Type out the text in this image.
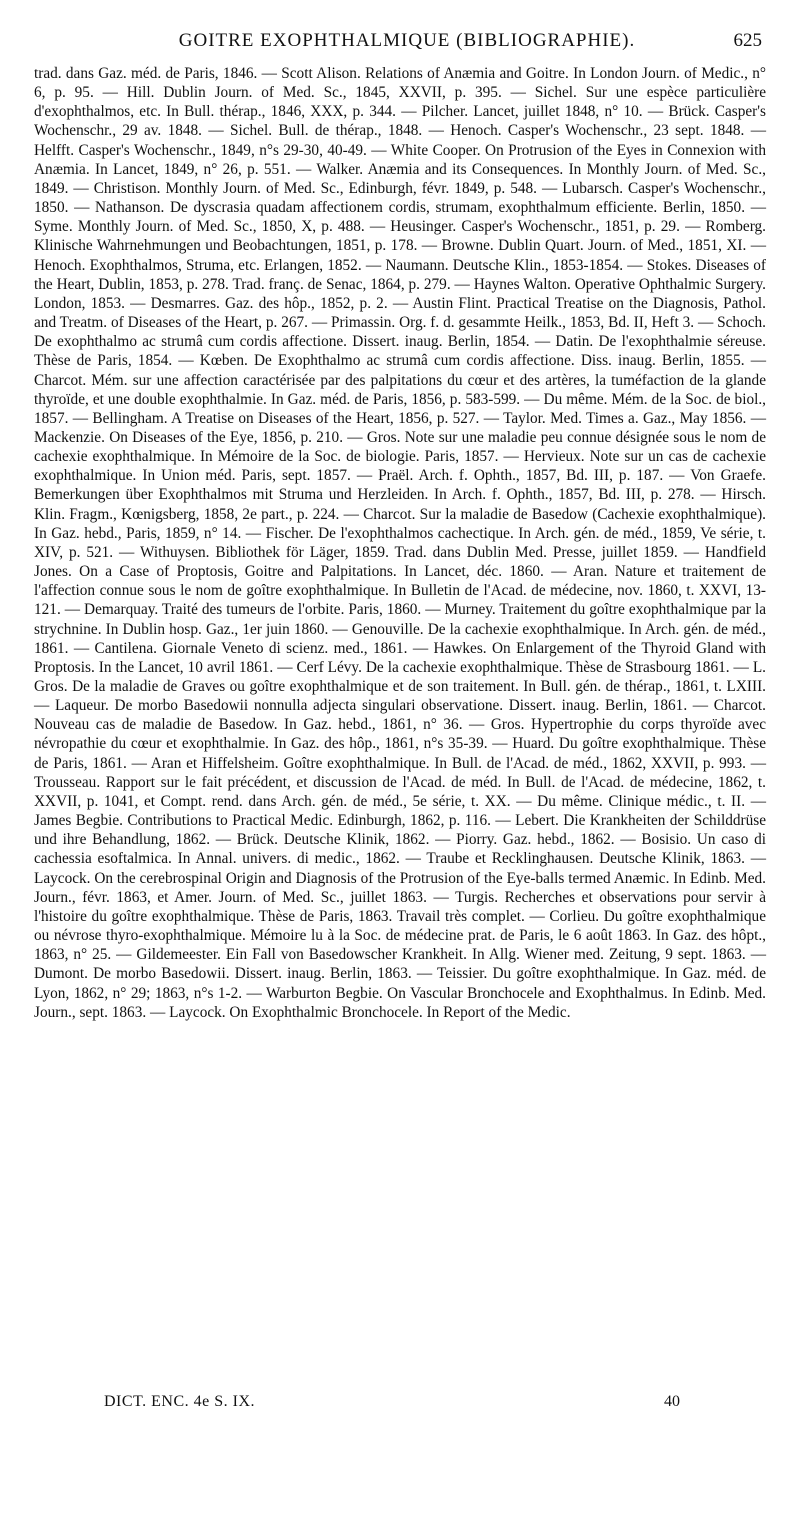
GOITRE EXOPHTHALMIQUE (BIBLIOGRAPHIE).	625

trad. dans Gaz. méd. de Paris, 1846. — Scott Alison. Relations of Anæmia and Goitre. In London Journ. of Medic., n° 6, p. 95. — Hill. Dublin Journ. of Med. Sc., 1845, XXVII, p. 395. — Sichel. Sur une espèce particulière d'exophthalmos, etc. In Bull. thérap., 1846, XXX, p. 344. — Pilcher. Lancet, juillet 1848, n° 10. — Brück. Casper's Wochenschr., 29 av. 1848. — Sichel. Bull. de thérap., 1848. — Henoch. Casper's Wochenschr., 23 sept. 1848. — Helfft. Casper's Wochenschr., 1849, n°s 29-30, 40-49. — White Cooper. On Protrusion of the Eyes in Connexion with Anæmia. In Lancet, 1849, n° 26, p. 551. — Walker. Anæmia and its Consequences. In Monthly Journ. of Med. Sc., 1849. — Christison. Monthly Journ. of Med. Sc., Edinburgh, févr. 1849, p. 548. — Lubarsch. Casper's Wochenschr., 1850. — Nathanson. De dyscrasia quadam affectionem cordis, strumam, exophthalmum efficiente. Berlin, 1850. — Syme. Monthly Journ. of Med. Sc., 1850, X, p. 488. — Heusinger. Casper's Wochenschr., 1851, p. 29. — Romberg. Klinische Wahrnehmungen und Beobachtungen, 1851, p. 178. — Browne. Dublin Quart. Journ. of Med., 1851, XI. — Henoch. Exophthalmos, Struma, etc. Erlangen, 1852. — Naumann. Deutsche Klin., 1853-1854. — Stokes. Diseases of the Heart, Dublin, 1853, p. 278. Trad. franç. de Senac, 1864, p. 279. — Haynes Walton. Operative Ophthalmic Surgery. London, 1853. — Desmarres. Gaz. des hôp., 1852, p. 2. — Austin Flint. Practical Treatise on the Diagnosis, Pathol. and Treatm. of Diseases of the Heart, p. 267. — Primassin. Org. f. d. gesammte Heilk., 1853, Bd. II, Heft 3. — Schoch. De exophthalmo ac strumâ cum cordis affectione. Dissert. inaug. Berlin, 1854. — Datin. De l'exophthalmie séreuse. Thèse de Paris, 1854. — Kœben. De Exophthalmo ac strumâ cum cordis affectione. Diss. inaug. Berlin, 1855. — Charcot. Mém. sur une affection caractérisée par des palpitations du cœur et des artères, la tuméfaction de la glande thyroïde, et une double exophthalmie. In Gaz. méd. de Paris, 1856, p. 583-599. — Du même. Mém. de la Soc. de biol., 1857. — Bellingham. A Treatise on Diseases of the Heart, 1856, p. 527. — Taylor. Med. Times a. Gaz., May 1856. — Mackenzie. On Diseases of the Eye, 1856, p. 210. — Gros. Note sur une maladie peu connue désignée sous le nom de cachexie exophthalmique. In Mémoire de la Soc. de biologie. Paris, 1857. — Hervieux. Note sur un cas de cachexie exophthalmique. In Union méd. Paris, sept. 1857. — Praël. Arch. f. Ophth., 1857, Bd. III, p. 187. — Von Graefe. Bemerkungen über Exophthalmos mit Struma und Herzleiden. In Arch. f. Ophth., 1857, Bd. III, p. 278. — Hirsch. Klin. Fragm., Kœnigsberg, 1858, 2e part., p. 224. — Charcot. Sur la maladie de Basedow (Cachexie exophthalmique). In Gaz. hebd., Paris, 1859, n° 14. — Fischer. De l'exophthalmos cachectique. In Arch. gén. de méd., 1859, Ve série, t. XIV, p. 521. — Withuysen. Bibliothek för Läger, 1859. Trad. dans Dublin Med. Presse, juillet 1859. — Handfield Jones. On a Case of Proptosis, Goitre and Palpitations. In Lancet, déc. 1860. — Aran. Nature et traitement de l'affection connue sous le nom de goître exophthalmique. In Bulletin de l'Acad. de médecine, nov. 1860, t. XXVI, 13-121. — Demarquay. Traité des tumeurs de l'orbite. Paris, 1860. — Murney. Traitement du goître exophthalmique par la strychnine. In Dublin hosp. Gaz., 1er juin 1860. — Genouville. De la cachexie exophthalmique. In Arch. gén. de méd., 1861. — Cantilena. Giornale Veneto di scienz. med., 1861. — Hawkes. On Enlargement of the Thyroid Gland with Proptosis. In the Lancet, 10 avril 1861. — Cerf Lévy. De la cachexie exophthalmique. Thèse de Strasbourg 1861. — L. Gros. De la maladie de Graves ou goître exophthalmique et de son traitement. In Bull. gén. de thérap., 1861, t. LXIII. — Laqueur. De morbo Basedowii nonnulla adjecta singulari observatione. Dissert. inaug. Berlin, 1861. — Charcot. Nouveau cas de maladie de Basedow. In Gaz. hebd., 1861, n° 36. — Gros. Hypertrophie du corps thyroïde avec névropathie du cœur et exophthalmie. In Gaz. des hôp., 1861, n°s 35-39. — Huard. Du goître exophthalmique. Thèse de Paris, 1861. — Aran et Hiffelsheim. Goître exophthalmique. In Bull. de l'Acad. de méd., 1862, XXVII, p. 993. — Trousseau. Rapport sur le fait précédent, et discussion de l'Acad. de méd. In Bull. de l'Acad. de médecine, 1862, t. XXVII, p. 1041, et Compt. rend. dans Arch. gén. de méd., 5e série, t. XX. — Du même. Clinique médic., t. II. — James Begbie. Contributions to Practical Medic. Edinburgh, 1862, p. 116. — Lebert. Die Krankheiten der Schilddrüse und ihre Behandlung, 1862. — Brück. Deutsche Klinik, 1862. — Piorry. Gaz. hebd., 1862. — Bosisio. Un caso di cachessia esoftalmica. In Annal. univers. di medic., 1862. — Traube et Recklinghausen. Deutsche Klinik, 1863. — Laycock. On the cerebrospinal Origin and Diagnosis of the Protrusion of the Eye-balls termed Anæmic. In Edinb. Med. Journ., févr. 1863, et Amer. Journ. of Med. Sc., juillet 1863. — Turgis. Recherches et observations pour servir à l'histoire du goître exophthalmique. Thèse de Paris, 1863. Travail très complet. — Corlieu. Du goître exophthalmique ou névrose thyro-exophthalmique. Mémoire lu à la Soc. de médecine prat. de Paris, le 6 août 1863. In Gaz. des hôpt., 1863, n° 25. — Gildemeester. Ein Fall von Basedowscher Krankheit. In Allg. Wiener med. Zeitung, 9 sept. 1863. — Dumont. De morbo Basedowii. Dissert. inaug. Berlin, 1863. — Teissier. Du goître exophthalmique. In Gaz. méd. de Lyon, 1862, n° 29; 1863, n°s 1-2. — Warburton Begbie. On Vascular Bronchocele and Exophthalmus. In Edinb. Med. Journ., sept. 1863. — Laycock. On Exophthalmic Bronchocele. In Report of the Medic.

DICT. ENC. 4e S. IX.	40
